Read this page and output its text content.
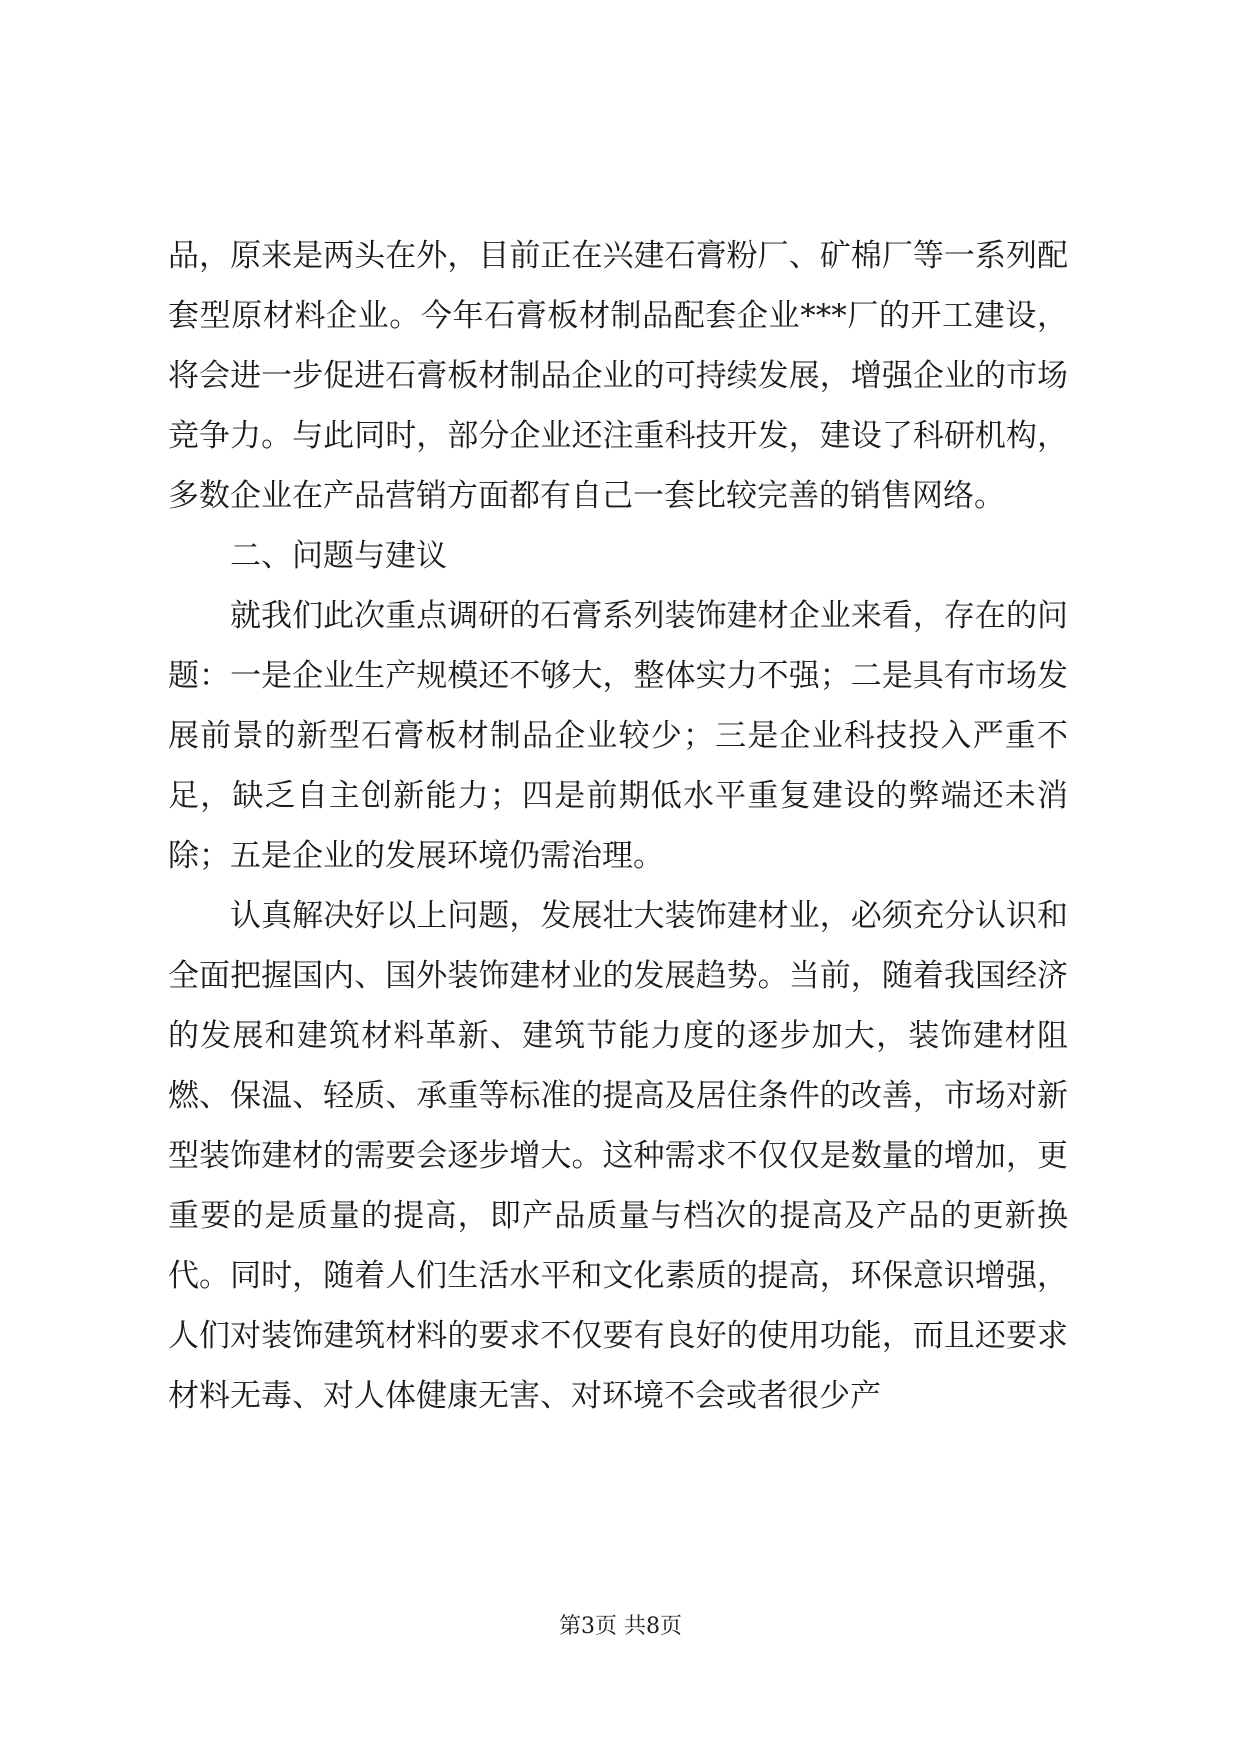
品，原来是两头在外，目前正在兴建石膏粉厂、矿棉厂等一系列配套型原材料企业。今年石膏板材制品配套企业***厂的开工建设，将会进一步促进石膏板材制品企业的可持续发展，增强企业的市场竞争力。与此同时，部分企业还注重科技开发，建设了科研机构，多数企业在产品营销方面都有自己一套比较完善的销售网络。

二、问题与建议

就我们此次重点调研的石膏系列装饰建材企业来看，存在的问题：一是企业生产规模还不够大，整体实力不强；二是具有市场发展前景的新型石膏板材制品企业较少；三是企业科技投入严重不足，缺乏自主创新能力；四是前期低水平重复建设的弊端还未消除；五是企业的发展环境仍需治理。

认真解决好以上问题，发展壮大装饰建材业，必须充分认识和全面把握国内、国外装饰建材业的发展趋势。当前，随着我国经济的发展和建筑材料革新、建筑节能力度的逐步加大，装饰建材阻燃、保温、轻质、承重等标准的提高及居住条件的改善，市场对新型装饰建材的需要会逐步增大。这种需求不仅仅是数量的增加，更重要的是质量的提高，即产品质量与档次的提高及产品的更新换代。同时，随着人们生活水平和文化素质的提高，环保意识增强，人们对装饰建筑材料的要求不仅要有良好的使用功能，而且还要求材料无毒、对人体健康无害、对环境不会或者很少产

第3页 共8页
